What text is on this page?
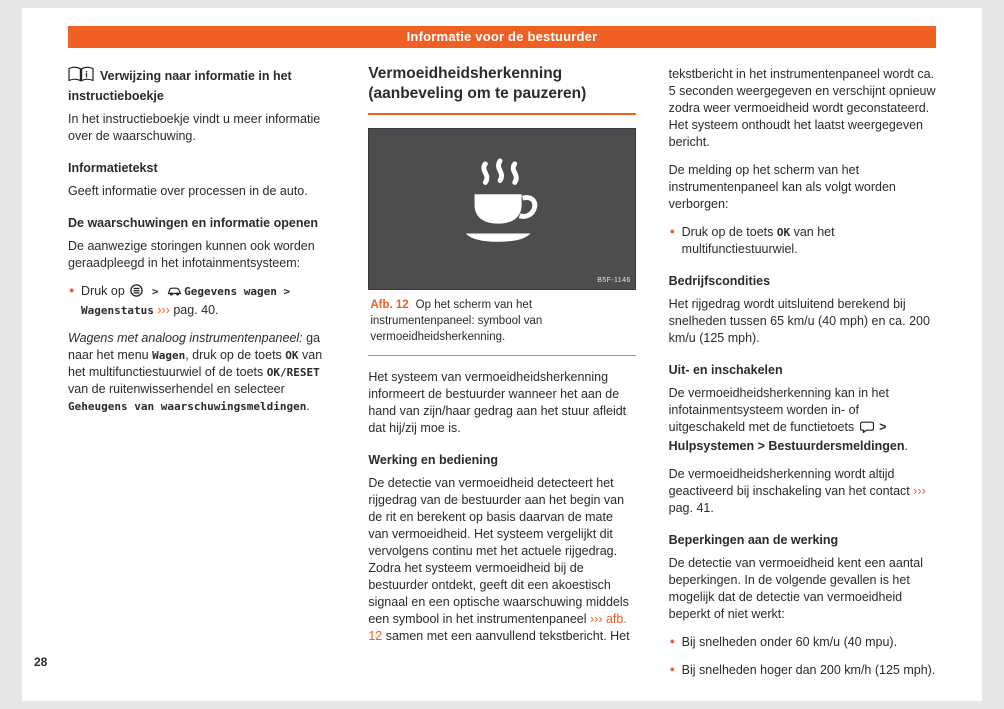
Informatie voor de bestuurder
i Verwijzing naar informatie in het instructieboekje

In het instructieboekje vindt u meer informatie over de waarschuwing.

Informatietekst

Geeft informatie over processen in de auto.

De waarschuwingen en informatie openen

De aanwezige storingen kunnen ook worden geraadpleegd in het infotainmentsysteem:

● Druk op  > Gegevens wagen > Wagenstatus ››› pag. 40.

Wagens met analoog instrumentenpaneel: ga naar het menu Wagen, druk op de toets OK van het multifunctiestuurwiel of de toets OK/RESET van de ruitenwisserhendel en selecteer Geheugens van waarschuwingsmeldingen.

Vermoeidheidsherkenning (aanbeveling om te pauzeren)
B5F-1146
Afb. 12 Op het scherm van het instrumentenpaneel: symbool van vermoeidheidsherkenning.

Het systeem van vermoeidheidsherkenning informeert de bestuurder wanneer het aan de hand van zijn/haar gedrag aan het stuur afleidt dat hij/zij moe is.

Werking en bediening

De detectie van vermoeidheid detecteert het rijgedrag van de bestuurder aan het begin van de rit en berekent op basis daarvan de mate van vermoeidheid. Het systeem vergelijkt dit vervolgens continu met het actuele rijgedrag. Zodra het systeem vermoeidheid bij de bestuurder ontdekt, geeft dit een akoestisch signaal en een optische waarschuwing middels een symbool in het instrumentenpaneel ››› afb. 12 samen met een aanvullend tekstbericht. Het

tekstbericht in het instrumentenpaneel wordt ca. 5 seconden weergegeven en verschijnt opnieuw zodra weer vermoeidheid wordt geconstateerd. Het systeem onthoudt het laatst weergegeven bericht.

De melding op het scherm van het instrumentenpaneel kan als volgt worden verborgen:

● Druk op de toets OK van het multifunctiestuurwiel.
Bedrijfscondities

Het rijgedrag wordt uitsluitend berekend bij snelheden tussen 65 km/u (40 mph) en ca. 200 km/u (125 mph).

Uit- en inschakelen

De vermoeidheidsherkenning kan in het infotainmentsysteem worden in- of uitgeschakeld met de functietoets  > Hulpsystemen > Bestuurdersmeldingen.

De vermoeidheidsherkenning wordt altijd geactiveerd bij inschakeling van het contact ››› pag. 41.

Beperkingen aan de werking

De detectie van vermoeidheid kent een aantal beperkingen. In de volgende gevallen is het mogelijk dat de detectie van vermoeidheid beperkt of niet werkt:

● Bij snelheden onder 60 km/u (40 mpu).
● Bij snelheden hoger dan 200 km/h (125 mph).
28
